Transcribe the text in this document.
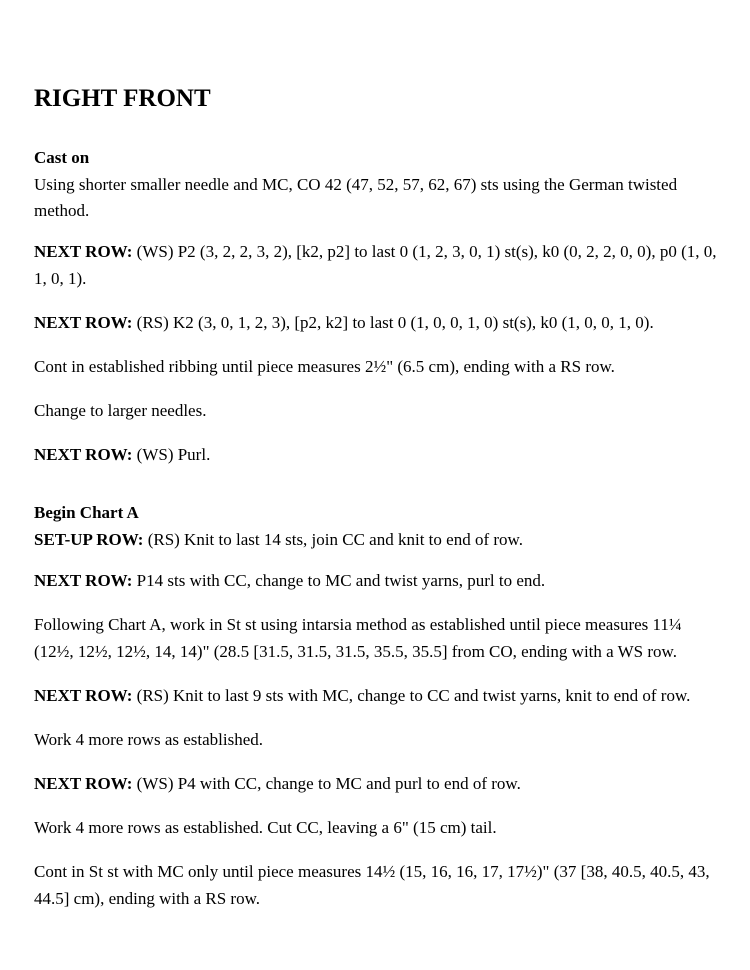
RIGHT FRONT

Cast on

Using shorter smaller needle and MC, CO 42 (47, 52, 57, 62, 67) sts using the German twisted method.

NEXT ROW: (WS) P2 (3, 2, 2, 3, 2), [k2, p2] to last 0 (1, 2, 3, 0, 1) st(s), k0 (0, 2, 2, 0, 0), p0 (1, 0, 1, 0, 1).

NEXT ROW: (RS) K2 (3, 0, 1, 2, 3), [p2, k2] to last 0 (1, 0, 0, 1, 0) st(s), k0 (1, 0, 0, 1, 0).

Cont in established ribbing until piece measures 2½" (6.5 cm), ending with a RS row.

Change to larger needles.

NEXT ROW: (WS) Purl.

Begin Chart A

SET-UP ROW: (RS) Knit to last 14 sts, join CC and knit to end of row.

NEXT ROW: P14 sts with CC, change to MC and twist yarns, purl to end.

Following Chart A, work in St st using intarsia method as established until piece measures 11¼ (12½, 12½, 12½, 14, 14)" (28.5 [31.5, 31.5, 31.5, 35.5, 35.5] from CO, ending with a WS row.

NEXT ROW: (RS) Knit to last 9 sts with MC, change to CC and twist yarns, knit to end of row.

Work 4 more rows as established.

NEXT ROW: (WS) P4 with CC, change to MC and purl to end of row.

Work 4 more rows as established. Cut CC, leaving a 6" (15 cm) tail.

Cont in St st with MC only until piece measures 14½ (15, 16, 16, 17, 17½)" (37 [38, 40.5, 40.5, 43, 44.5] cm), ending with a RS row.
